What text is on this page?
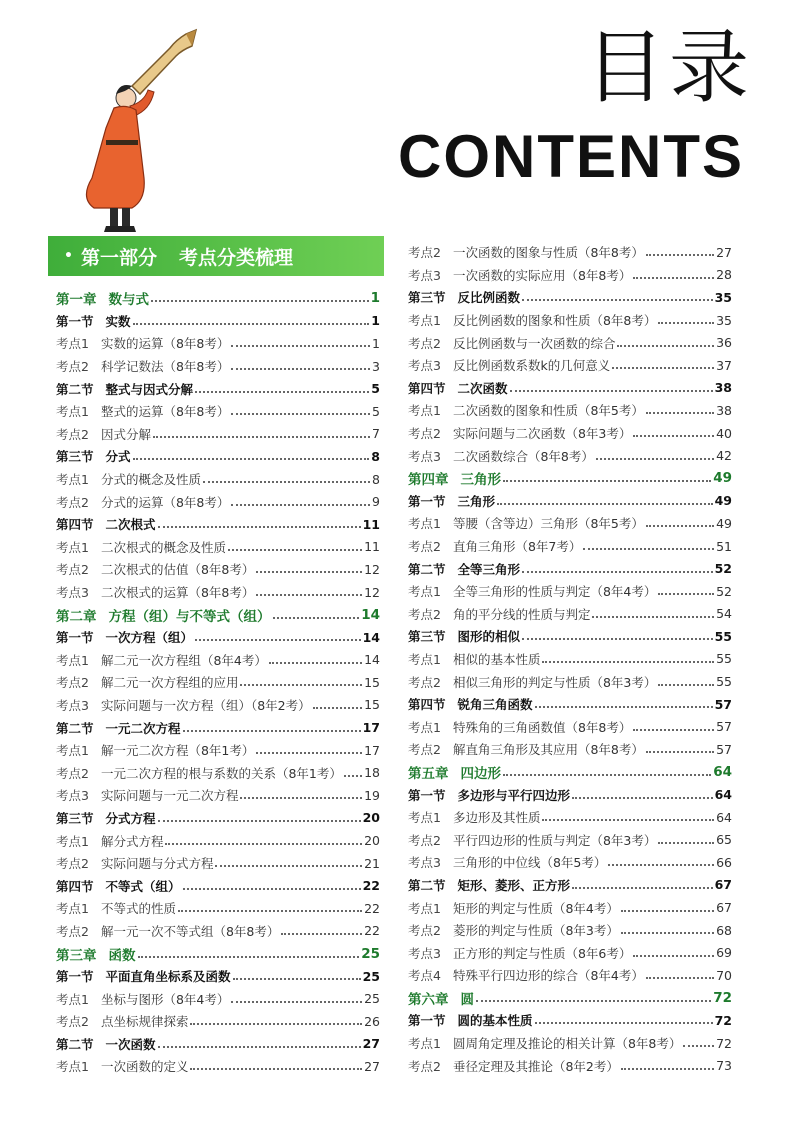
目录
CONTENTS
• 第一部分 考点分类梳理
第一章 数与式	1
第一节 实数	1
考点1 实数的运算（8年8考）	1
考点2 科学记数法（8年8考）	3
第二节 整式与因式分解	5
考点1 整式的运算（8年8考）	5
考点2 因式分解	7
第三节 分式	8
考点1 分式的概念及性质	8
考点2 分式的运算（8年8考）	9
第四节 二次根式	11
考点1 二次根式的概念及性质	11
考点2 二次根式的估值（8年8考）	12
考点3 二次根式的运算（8年8考）	12
第二章 方程（组）与不等式（组）	14
第一节 一次方程（组）	14
考点1 解二元一次方程组（8年4考）	14
考点2 解二元一次方程组的应用	15
考点3 实际问题与一次方程（组）（8年2考）	15
第二节 一元二次方程	17
考点1 解一元二次方程（8年1考）	17
考点2 一元二次方程的根与系数的关系（8年1考） 18
考点3 实际问题与一元二次方程	19
第三节 分式方程	20
考点1 解分式方程	20
考点2 实际问题与分式方程	21
第四节 不等式（组）	22
考点1 不等式的性质	22
考点2 解一元一次不等式组（8年8考）	22
第三章 函数	25
第一节 平面直角坐标系及函数	25
考点1 坐标与图形（8年4考）	25
考点2 点坐标规律探索	26
第二节 一次函数	27
考点1 一次函数的定义	27
考点2 一次函数的图象与性质（8年8考）	27
考点3 一次函数的实际应用（8年8考）	28
第三节 反比例函数	35
考点1 反比例函数的图象和性质（8年8考）	35
考点2 反比例函数与一次函数的综合	36
考点3 反比例函数系数k的几何意义	37
第四节 二次函数	38
考点1 二次函数的图象和性质（8年5考）	38
考点2 实际问题与二次函数（8年3考）	40
考点3 二次函数综合（8年8考）	42
第四章 三角形	49
第一节 三角形	49
考点1 等腰（含等边）三角形（8年5考）	49
考点2 直角三角形（8年7考）	51
第二节 全等三角形	52
考点1 全等三角形的性质与判定（8年4考）	52
考点2 角的平分线的性质与判定	54
第三节 图形的相似	55
考点1 相似的基本性质	55
考点2 相似三角形的判定与性质（8年3考）	55
第四节 锐角三角函数	57
考点1 特殊角的三角函数值（8年8考）	57
考点2 解直角三角形及其应用（8年8考）	57
第五章 四边形	64
第一节 多边形与平行四边形	64
考点1 多边形及其性质	64
考点2 平行四边形的性质与判定（8年3考）	65
考点3 三角形的中位线（8年5考）	66
第二节 矩形、菱形、正方形	67
考点1 矩形的判定与性质（8年4考）	67
考点2 菱形的判定与性质（8年3考）	68
考点3 正方形的判定与性质（8年6考）	69
考点4 特殊平行四边形的综合（8年4考）	70
第六章 圆	72
第一节 圆的基本性质	72
考点1 圆周角定理及推论的相关计算（8年8考）	72
考点2 垂径定理及其推论（8年2考）	73
